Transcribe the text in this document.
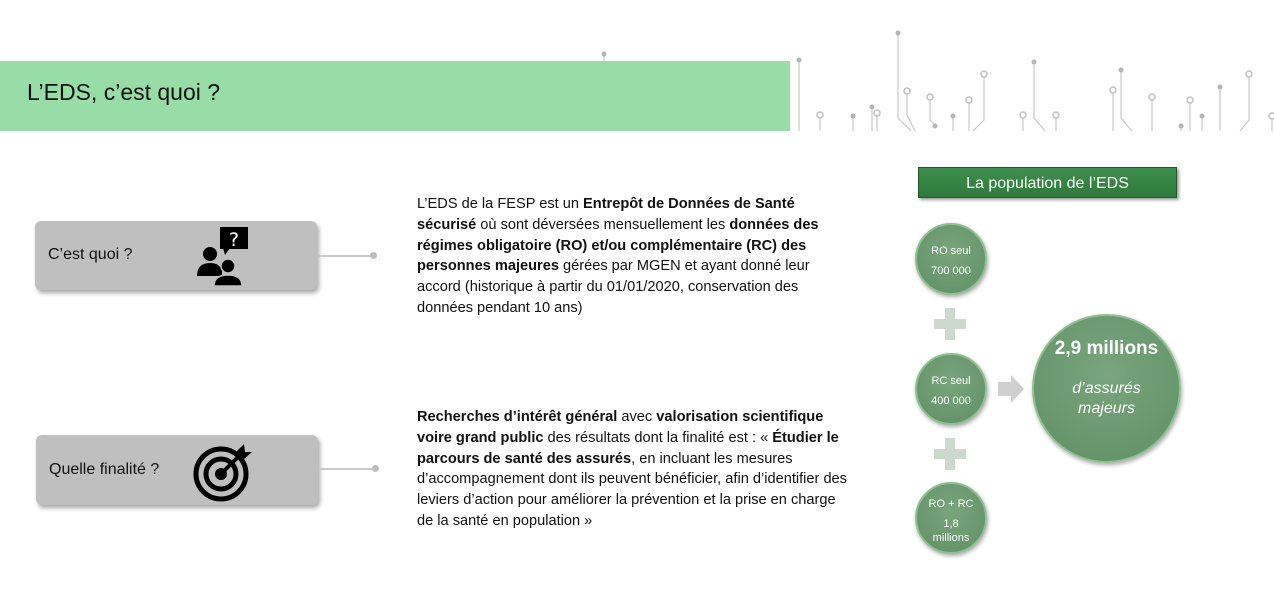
L’EDS, c’est quoi ?
C’est quoi ?
?
L’EDS de la FESP est un Entrepôt de Données de Santé sécurisé où sont déversées mensuellement les données des régimes obligatoire (RO) et/ou complémentaire (RC) des personnes majeures gérées par MGEN et ayant donné leur accord (historique à partir du 01/01/2020, conservation des données pendant 10 ans)
Quelle finalité ?
Recherches d’intérêt général avec valorisation scientifique voire grand public des résultats dont la finalité est : « Étudier le parcours de santé des assurés, en incluant les mesures d’accompagnement dont ils peuvent bénéficier, afin d’identifier des leviers d’action pour améliorer la prévention et la prise en charge de la santé en population »
La population de l’EDS
RO seul
700 000
RC seul
400 000
RO + RC
1,8 millions
2,9 millions
d’assurés majeurs
